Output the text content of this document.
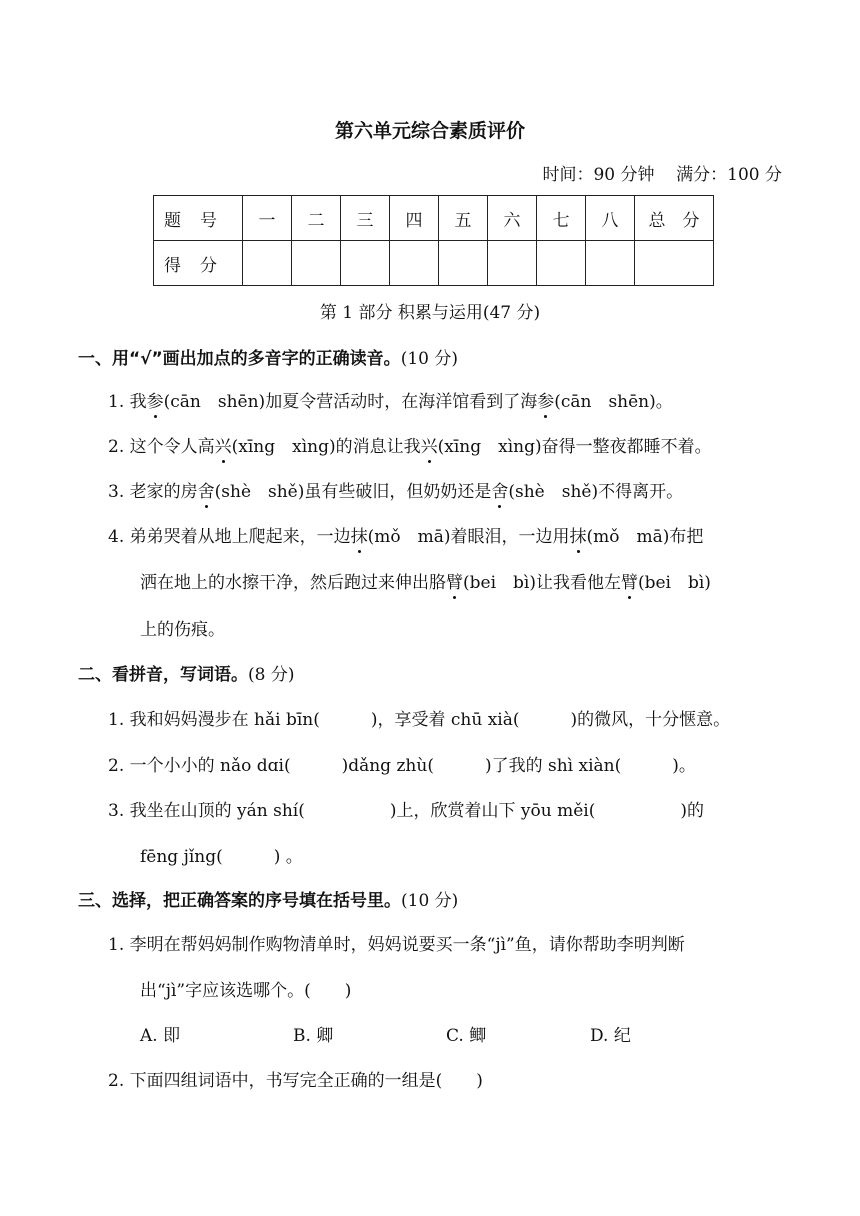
第六单元综合素质评价
时间：90 分钟 满分：100 分
题　号	一	二	三	四	五	六	七	八	总　分
得　分									
第 1 部分 积累与运用(47 分)
一、用“√”画出加点的多音字的正确读音。(10 分)
1. 我参(cān　shēn)加夏令营活动时，在海洋馆看到了海参(cān　shēn)。
2. 这个令人高兴(xīng　xìng)的消息让我兴(xīng　xìng)奋得一整夜都睡不着。
3. 老家的房舍(shè　shě)虽有些破旧，但奶奶还是舍(shè　shě)不得离开。
4. 弟弟哭着从地上爬起来，一边抹(mǒ　mā)着眼泪，一边用抹(mǒ　mā)布把
洒在地上的水擦干净，然后跑过来伸出胳臂(bei　bì)让我看他左臂(bei　bì)
上的伤痕。
二、看拼音，写词语。(8 分)
1. 我和妈妈漫步在 hǎi bīn(　　　)，享受着 chū xià(　　　)的微风，十分惬意。
2. 一个小小的 nǎo dɑi(　　　)dǎng zhù(　　　)了我的 shì xiàn(　　　)。
3. 我坐在山顶的 yán shí(　　　　　)上，欣赏着山下 yōu měi(　　　　　)的
fēng jǐng(　　　) 。
三、选择，把正确答案的序号填在括号里。(10 分)
1. 李明在帮妈妈制作购物清单时，妈妈说要买一条“jì”鱼，请你帮助李明判断
出“jì”字应该选哪个。(　　)
A. 即	B. 卿	C. 鲫	D. 纪
2. 下面四组词语中，书写完全正确的一组是(　　)
